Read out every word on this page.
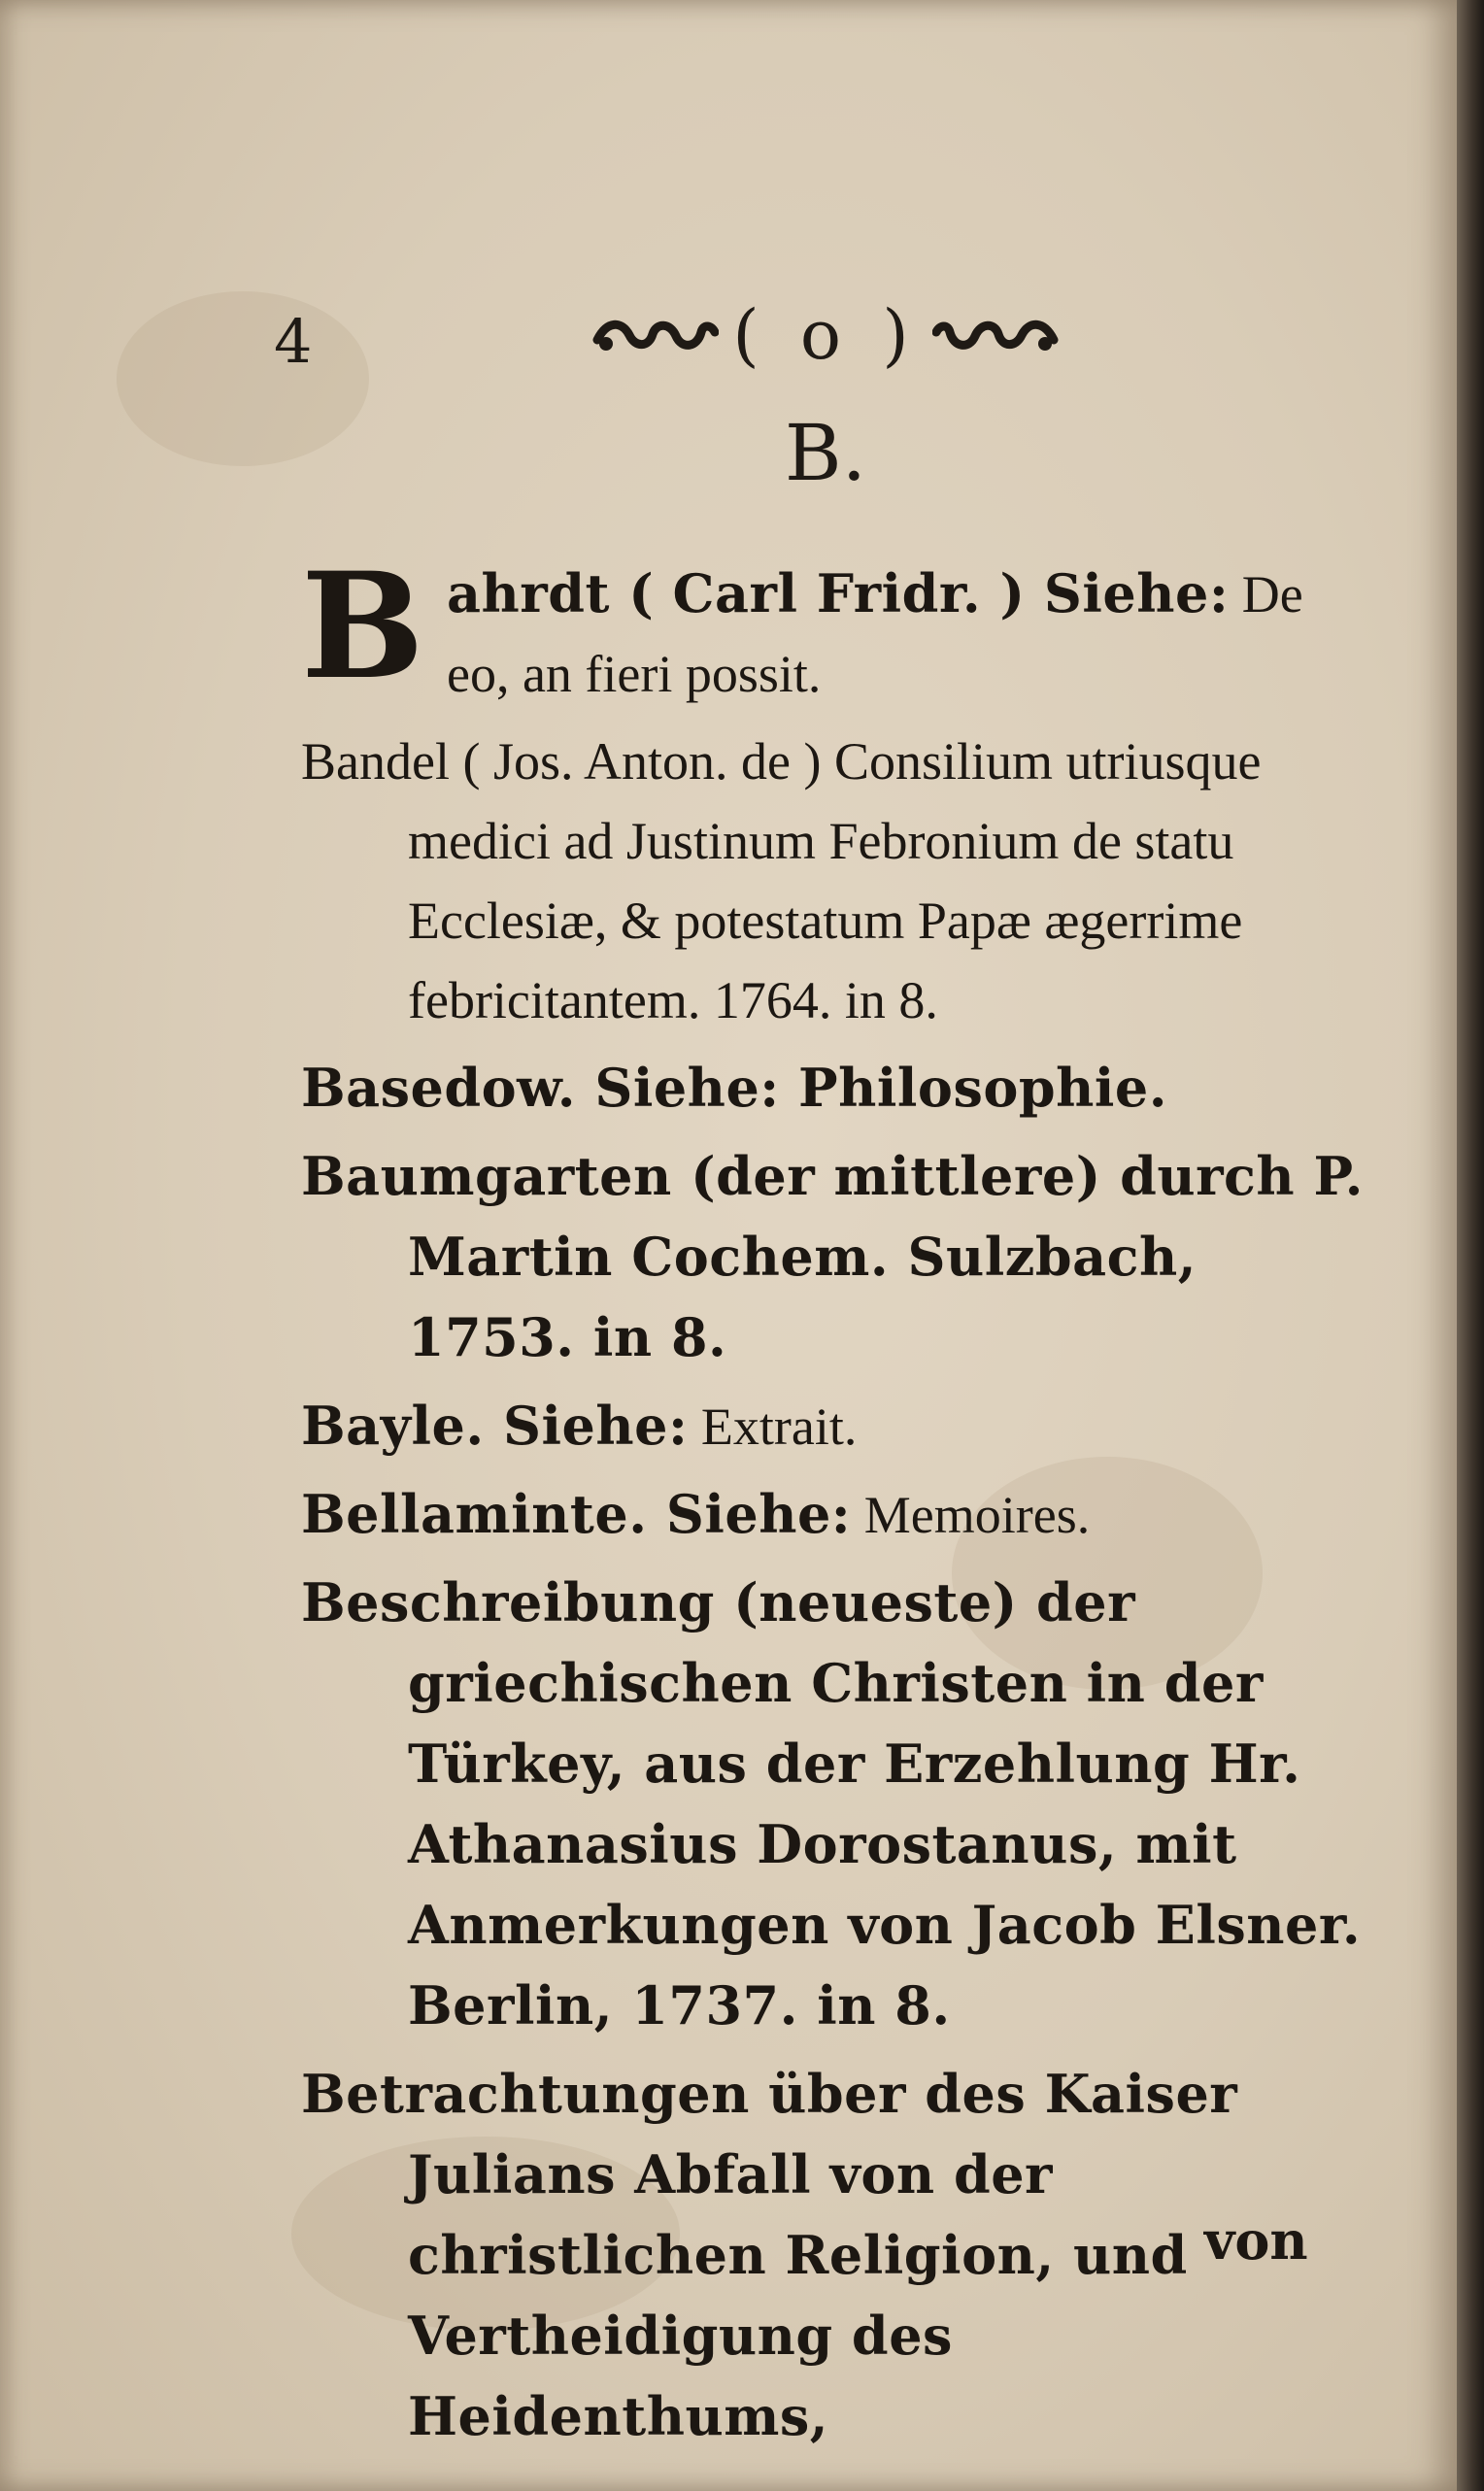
4	( o )
B.
B ahrdt ( Carl Fridr. ) Siehe: De eo, an fieri possit.
Bandel ( Jos. Anton. de ) Consilium utriusque medici ad Justinum Febronium de statu Ecclesiæ, & potestatum Papæ ægerrime febricitantem. 1764. in 8.
Basedow. Siehe: Philosophie.
Baumgarten (der mittlere) durch P. Martin Cochem. Sulzbach, 1753. in 8.
Bayle. Siehe: Extrait.
Bellaminte. Siehe: Memoires.
Beschreibung (neueste) der griechischen Christen in der Türkey, aus der Erzehlung Hr. Athanasius Dorostanus, mit Anmerkungen von Jacob Elsner. Berlin, 1737. in 8.
Betrachtungen über des Kaiser Julians Abfall von der christlichen Religion, und Vertheidigung des Heidenthums,
von
